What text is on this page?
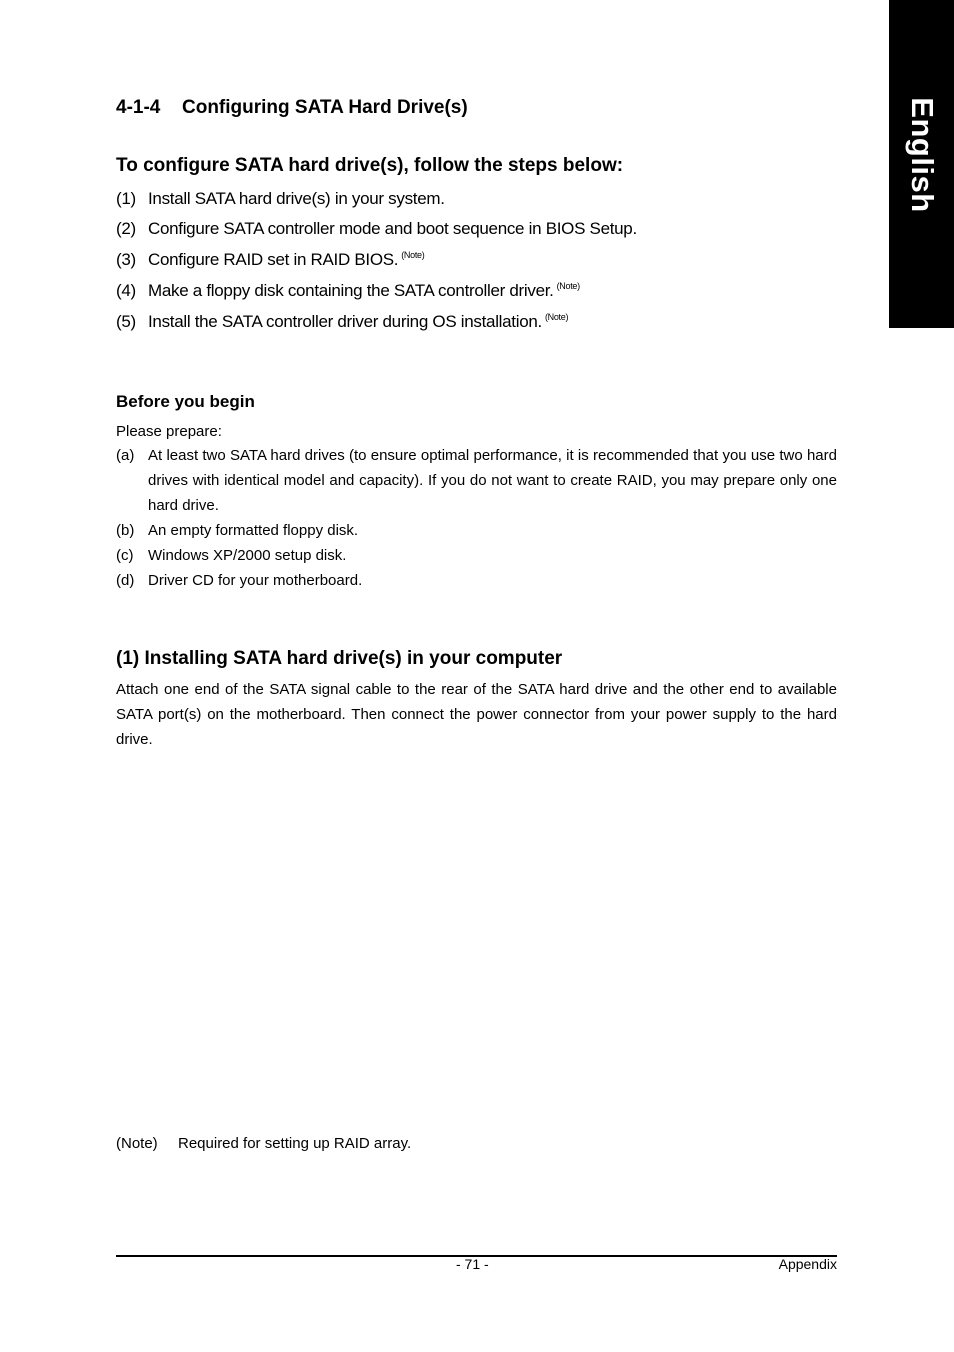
English
4-1-4 Configuring SATA Hard Drive(s)
To configure SATA hard drive(s), follow the steps below:
(1) Install SATA hard drive(s) in your system.
(2) Configure SATA controller mode and boot sequence in BIOS Setup.
(3) Configure RAID set in RAID BIOS. $^{(Note)}$
(4) Make a floppy disk containing the SATA controller driver. $^{(Note)}$
(5) Install the SATA controller driver during OS installation. $^{(Note)}$
Before you begin
Please prepare:
(a) At least two SATA hard drives (to ensure optimal performance, it is recommended that you use two hard drives with identical model and capacity). If you do not want to create RAID, you may prepare only one hard drive.
(b) An empty formatted floppy disk.
(c) Windows XP/2000 setup disk.
(d) Driver CD for your motherboard.
(1) Installing SATA hard drive(s) in your computer
Attach one end of the SATA signal cable to the rear of the SATA hard drive and the other end to available SATA port(s) on the motherboard. Then connect the power connector from your power supply to the hard drive.
(Note) Required for setting up RAID array.
- 71 -	Appendix
